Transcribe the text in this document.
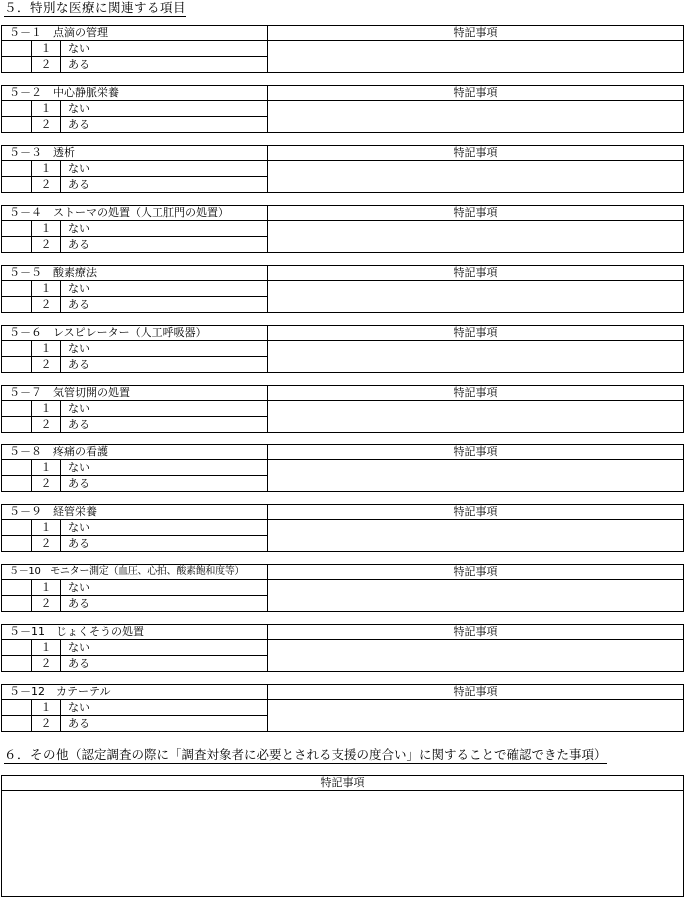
５．特別な医療に関連する項目
５－１　点滴の管理	特記事項
１	ない
２	ある
５－２　中心静脈栄養	特記事項
１	ない
２	ある
５－３　透析	特記事項
１	ない
２	ある
５－４　ストーマの処置（人工肛門の処置）	特記事項
１	ない
２	ある
５－５　酸素療法	特記事項
１	ない
２	ある
５－６　レスピレーター（人工呼吸器）	特記事項
１	ない
２	ある
５－７　気管切開の処置	特記事項
１	ない
２	ある
５－８　疼痛の看護	特記事項
１	ない
２	ある
５－９　経管栄養	特記事項
１	ない
２	ある
５－10　モニター測定（血圧、心拍、酸素飽和度等）	特記事項
１	ない
２	ある
５－11　じょくそうの処置	特記事項
１	ない
２	ある
５－12　カテーテル	特記事項
１	ない
２	ある
６．その他（認定調査の際に「調査対象者に必要とされる支援の度合い」に関することで確認できた事項）
特記事項
